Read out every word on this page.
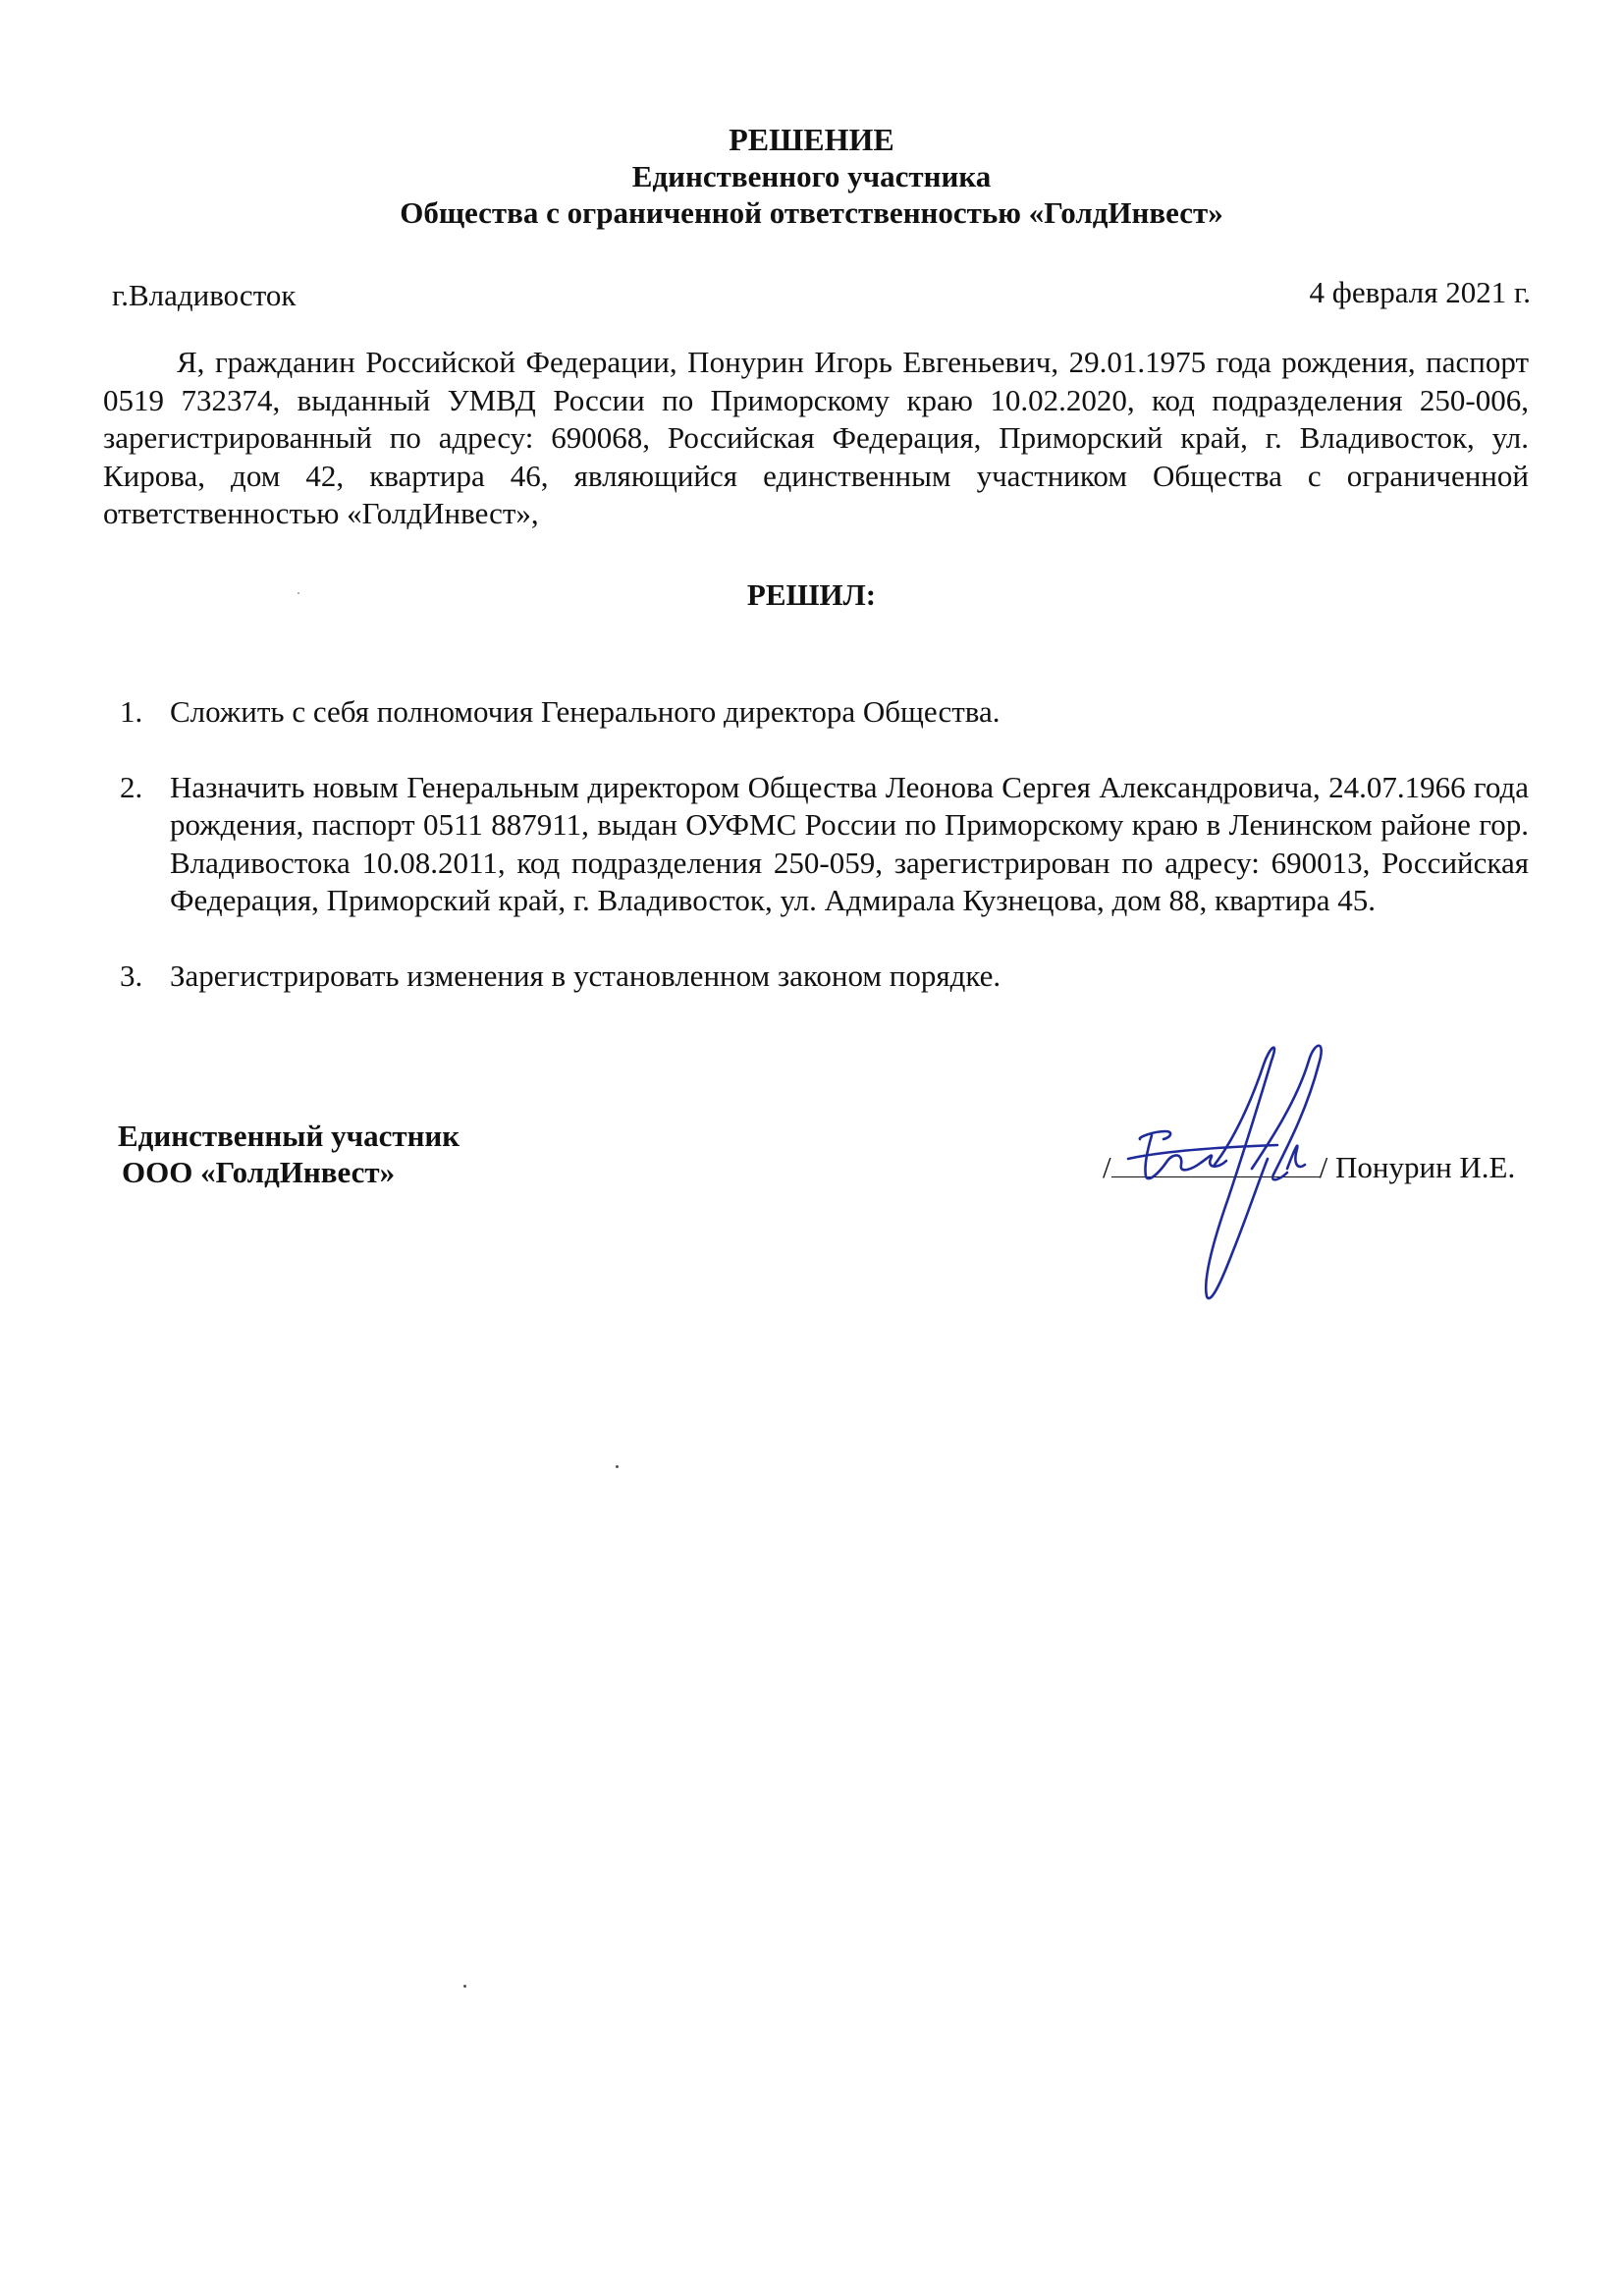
РЕШЕНИЕ
Единственного участника
Общества с ограниченной ответственностью «ГолдИнвест»
г.Владивосток	4 февраля 2021 г.

Я, гражданин Российской Федерации, Понурин Игорь Евгеньевич, 29.01.1975 года рождения, паспорт 0519 732374, выданный УМВД России по Приморскому краю 10.02.2020, код подразделения 250-006, зарегистрированный по адресу: 690068, Российская Федерация, Приморский край, г. Владивосток, ул. Кирова, дом 42, квартира 46, являющийся единственным участником Общества с ограниченной ответственностью «ГолдИнвест»,

РЕШИЛ:
1. Сложить с себя полномочия Генерального директора Общества.
2. Назначить новым Генеральным директором Общества Леонова Сергея Александровича, 24.07.1966 года рождения, паспорт 0511 887911, выдан ОУФМС России по Приморскому краю в Ленинском районе гор. Владивостока 10.08.2011, код подразделения 250-059, зарегистрирован по адресу: 690013, Российская Федерация, Приморский край, г. Владивосток, ул. Адмирала Кузнецова, дом 88, квартира 45.
3. Зарегистрировать изменения в установленном законом порядке.
Единственный участник
ООО «ГолдИнвест»	/	/ Понурин И.Е.
